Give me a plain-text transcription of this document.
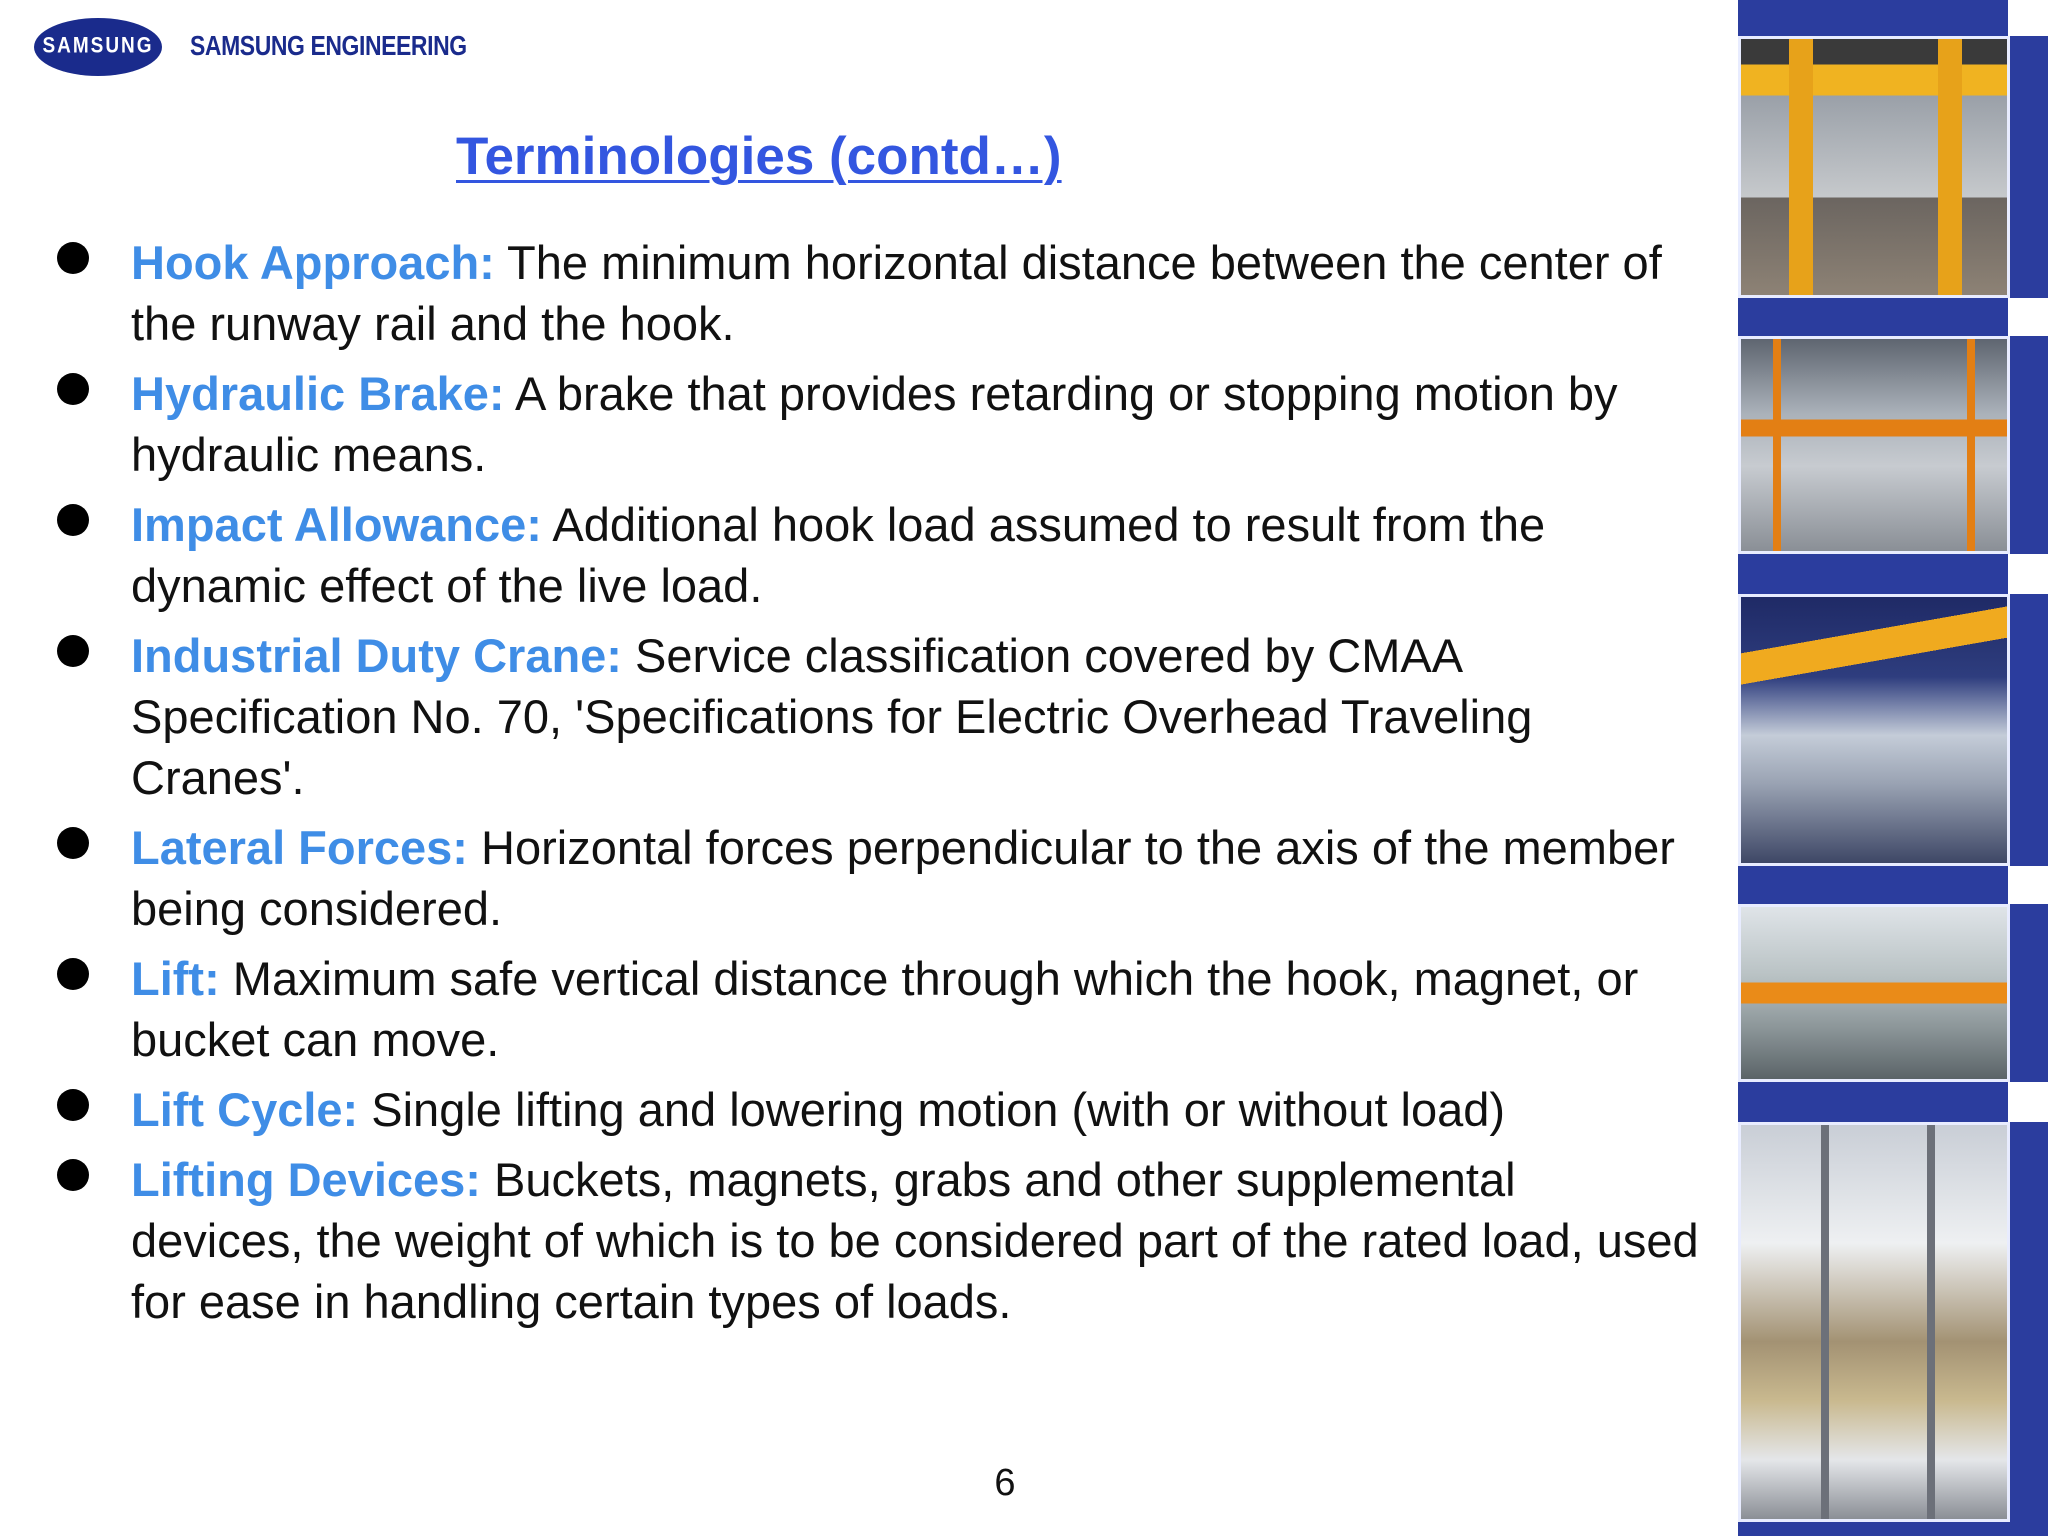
SAMSUNG SAMSUNG ENGINEERING
Terminologies (contd…)
Hook Approach: The minimum horizontal distance between the center of the runway rail and the hook.
Hydraulic Brake: A brake that provides retarding or stopping motion by hydraulic means.
Impact Allowance: Additional hook load assumed to result from the dynamic effect of the live load.
Industrial Duty Crane: Service classification covered by CMAA Specification No. 70, 'Specifications for Electric Overhead Traveling Cranes'.
Lateral Forces: Horizontal forces perpendicular to the axis of the member being considered.
Lift: Maximum safe vertical distance through which the hook, magnet, or bucket can move.
Lift Cycle: Single lifting and lowering motion (with or without load)
Lifting Devices: Buckets, magnets, grabs and other supplemental devices, the weight of which is to be considered part of the rated load, used for ease in handling certain types of loads.
6
